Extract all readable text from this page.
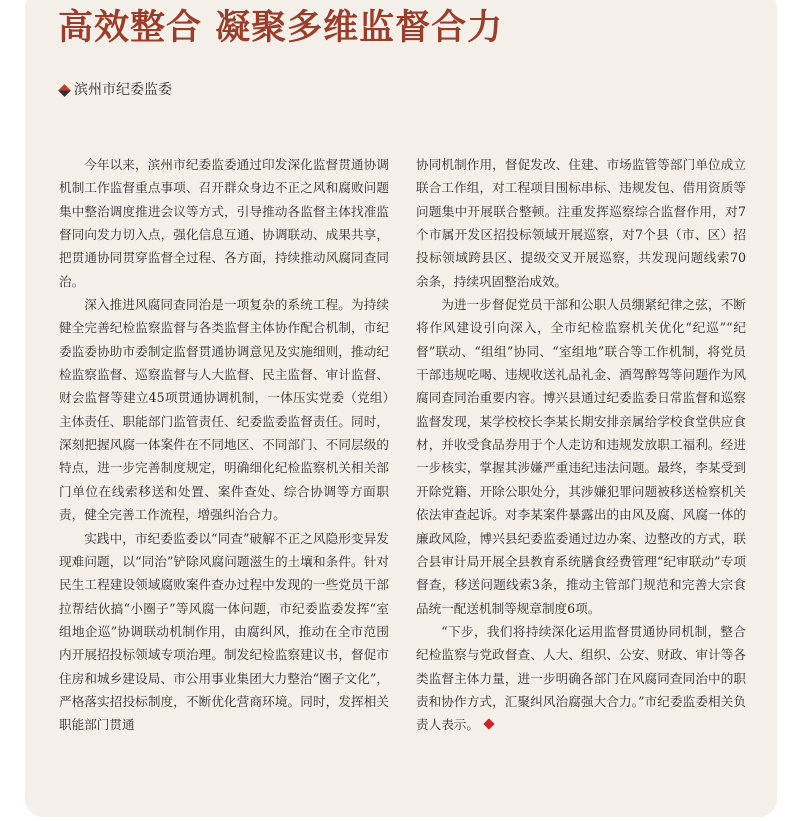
高效整合 凝聚多维监督合力
滨州市纪委监委

今年以来，滨州市纪委监委通过印发深化监督贯通协调机制工作监督重点事项、召开群众身边不正之风和腐败问题集中整治调度推进会议等方式，引导推动各监督主体找准监督同向发力切入点，强化信息互通、协调联动、成果共享，把贯通协同贯穿监督全过程、各方面，持续推动风腐同查同治。

深入推进风腐同查同治是一项复杂的系统工程。为持续健全完善纪检监察监督与各类监督主体协作配合机制，市纪委监委协助市委制定监督贯通协调意见及实施细则，推动纪检监察监督、巡察监督与人大监督、民主监督、审计监督、财会监督等建立45项贯通协调机制，一体压实党委（党组）主体责任、职能部门监管责任、纪委监委监督责任。同时，深刻把握风腐一体案件在不同地区、不同部门、不同层级的特点，进一步完善制度规定，明确细化纪检监察机关相关部门单位在线索移送和处置、案件查处、综合协调等方面职责，健全完善工作流程，增强纠治合力。

实践中，市纪委监委以“同查”破解不正之风隐形变异发现难问题，以“同治”铲除风腐问题滋生的土壤和条件。针对民生工程建设领域腐败案件查办过程中发现的一些党员干部拉帮结伙搞“小圈子”等风腐一体问题，市纪委监委发挥“室组地企巡”协调联动机制作用，由腐纠风，推动在全市范围内开展招投标领域专项治理。制发纪检监察建议书，督促市住房和城乡建设局、市公用事业集团大力整治“圈子文化”，严格落实招投标制度，不断优化营商环境。同时，发挥相关职能部门贯通

协同机制作用，督促发改、住建、市场监管等部门单位成立联合工作组，对工程项目围标串标、违规发包、借用资质等问题集中开展联合整顿。注重发挥巡察综合监督作用，对7个市属开发区招投标领域开展巡察，对7个县（市、区）招投标领域跨县区、提级交叉开展巡察，共发现问题线索70余条，持续巩固整治成效。

为进一步督促党员干部和公职人员绷紧纪律之弦，不断将作风建设引向深入，全市纪检监察机关优化“纪巡”“纪督”联动、“组组”协同、“室组地”联合等工作机制，将党员干部违规吃喝、违规收送礼品礼金、酒驾醉驾等问题作为风腐同查同治重要内容。博兴县通过纪委监委日常监督和巡察监督发现，某学校校长李某长期安排亲属给学校食堂供应食材，并收受食品券用于个人走访和违规发放职工福利。经进一步核实，掌握其涉嫌严重违纪违法问题。最终，李某受到开除党籍、开除公职处分，其涉嫌犯罪问题被移送检察机关依法审查起诉。对李某案件暴露出的由风及腐、风腐一体的廉政风险，博兴县纪委监委通过边办案、边整改的方式，联合县审计局开展全县教育系统膳食经费管理“纪审联动”专项督查，移送问题线索3条，推动主管部门规范和完善大宗食品统一配送机制等规章制度6项。

“下步，我们将持续深化运用监督贯通协同机制，整合纪检监察与党政督查、人大、组织、公安、财政、审计等各类监督主体力量，进一步明确各部门在风腐同查同治中的职责和协作方式，汇聚纠风治腐强大合力。”市纪委监委相关负责人表示。
